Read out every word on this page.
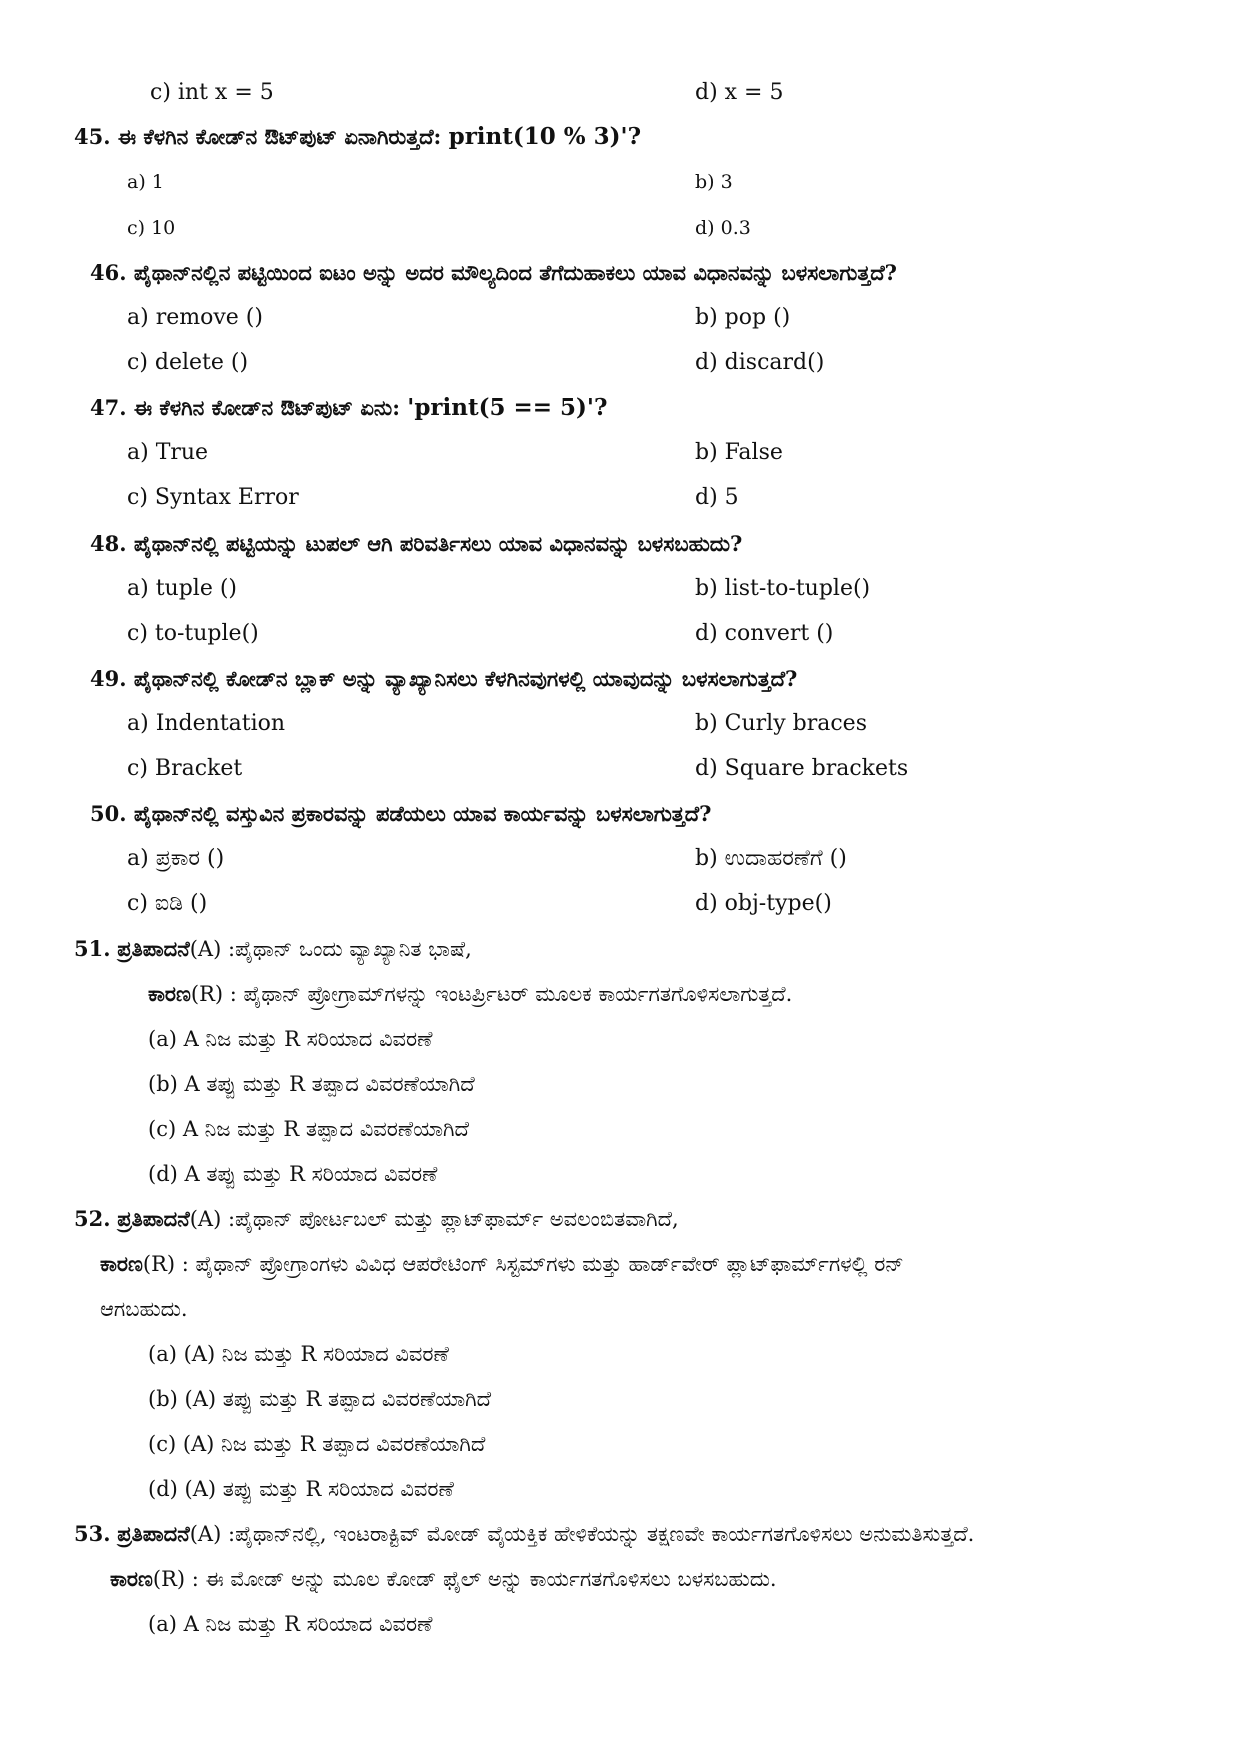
c) int x = 5	d) x = 5
45. ಈ ಕೆಳಗಿನ ಕೋಡ್‌ನ ಔಟ್‌ಪುಟ್ ಏನಾಗಿರುತ್ತದೆ: print(10 % 3)'?
a) 1	b) 3
c) 10	d) 0.3
46. ಪೈಥಾನ್‌ನಲ್ಲಿನ ಪಟ್ಟಿಯಿಂದ ಐಟಂ ಅನ್ನು ಅದರ ಮೌಲ್ಯದಿಂದ ತೆಗೆದುಹಾಕಲು ಯಾವ ವಿಧಾನವನ್ನು ಬಳಸಲಾಗುತ್ತದೆ?
a) remove ()	b) pop ()
c) delete ()	d) discard()
47. ಈ ಕೆಳಗಿನ ಕೋಡ್‌ನ ಔಟ್‌ಪುಟ್ ಏನು: 'print(5 == 5)'?
a) True	b) False
c) Syntax Error	d) 5
48. ಪೈಥಾನ್‌ನಲ್ಲಿ ಪಟ್ಟಿಯನ್ನು ಟುಪಲ್ ಆಗಿ ಪರಿವರ್ತಿಸಲು ಯಾವ ವಿಧಾನವನ್ನು ಬಳಸಬಹುದು?
a) tuple ()	b) list-to-tuple()
c) to-tuple()	d) convert ()
49. ಪೈಥಾನ್‌ನಲ್ಲಿ ಕೋಡ್‌ನ ಬ್ಲಾಕ್ ಅನ್ನು ವ್ಯಾಖ್ಯಾನಿಸಲು ಕೆಳಗಿನವುಗಳಲ್ಲಿ ಯಾವುದನ್ನು ಬಳಸಲಾಗುತ್ತದೆ?
a) Indentation	b) Curly braces
c) Bracket	d) Square brackets
50. ಪೈಥಾನ್‌ನಲ್ಲಿ ವಸ್ತುವಿನ ಪ್ರಕಾರವನ್ನು ಪಡೆಯಲು ಯಾವ ಕಾರ್ಯವನ್ನು ಬಳಸಲಾಗುತ್ತದೆ?
a) ಪ್ರಕಾರ ()	b) ಉದಾಹರಣೆಗೆ ()
c) ಐಡಿ ()	d) obj-type()
51. ಪ್ರತಿಪಾದನೆ(A) :ಪೈಥಾನ್ ಒಂದು ವ್ಯಾಖ್ಯಾನಿತ ಭಾಷೆ,
ಕಾರಣ(R) : ಪೈಥಾನ್ ಪ್ರೋಗ್ರಾಮ್‌ಗಳನ್ನು ಇಂಟರ್ಪ್ರಿಟರ್ ಮೂಲಕ ಕಾರ್ಯಗತಗೊಳಿಸಲಾಗುತ್ತದೆ.
(a) A ನಿಜ ಮತ್ತು R ಸರಿಯಾದ ವಿವರಣೆ
(b) A ತಪ್ಪು ಮತ್ತು R ತಪ್ಪಾದ ವಿವರಣೆಯಾಗಿದೆ
(c) A ನಿಜ ಮತ್ತು R ತಪ್ಪಾದ ವಿವರಣೆಯಾಗಿದೆ
(d) A ತಪ್ಪು ಮತ್ತು R ಸರಿಯಾದ ವಿವರಣೆ
52. ಪ್ರತಿಪಾದನೆ(A) :ಪೈಥಾನ್ ಪೋರ್ಟಬಲ್ ಮತ್ತು ಪ್ಲಾಟ್‌ಫಾರ್ಮ್ ಅವಲಂಬಿತವಾಗಿದೆ,
ಕಾರಣ(R) : ಪೈಥಾನ್ ಪ್ರೋಗ್ರಾಂಗಳು ವಿವಿಧ ಆಪರೇಟಿಂಗ್ ಸಿಸ್ಟಮ್‌ಗಳು ಮತ್ತು ಹಾರ್ಡ್‌ವೇರ್ ಪ್ಲಾಟ್‌ಫಾರ್ಮ್‌ಗಳಲ್ಲಿ ರನ್
ಆಗಬಹುದು.
(a) (A) ನಿಜ ಮತ್ತು R ಸರಿಯಾದ ವಿವರಣೆ
(b) (A) ತಪ್ಪು ಮತ್ತು R ತಪ್ಪಾದ ವಿವರಣೆಯಾಗಿದೆ
(c) (A) ನಿಜ ಮತ್ತು R ತಪ್ಪಾದ ವಿವರಣೆಯಾಗಿದೆ
(d) (A) ತಪ್ಪು ಮತ್ತು R ಸರಿಯಾದ ವಿವರಣೆ
53. ಪ್ರತಿಪಾದನೆ(A) :ಪೈಥಾನ್‌ನಲ್ಲಿ, ಇಂಟರಾಕ್ಟಿವ್ ಮೋಡ್ ವೈಯಕ್ತಿಕ ಹೇಳಿಕೆಯನ್ನು ತಕ್ಷಣವೇ ಕಾರ್ಯಗತಗೊಳಿಸಲು ಅನುಮತಿಸುತ್ತದೆ.
ಕಾರಣ(R) : ಈ ಮೋಡ್ ಅನ್ನು ಮೂಲ ಕೋಡ್ ಫೈಲ್ ಅನ್ನು ಕಾರ್ಯಗತಗೊಳಿಸಲು ಬಳಸಬಹುದು.
(a) A ನಿಜ ಮತ್ತು R ಸರಿಯಾದ ವಿವರಣೆ
